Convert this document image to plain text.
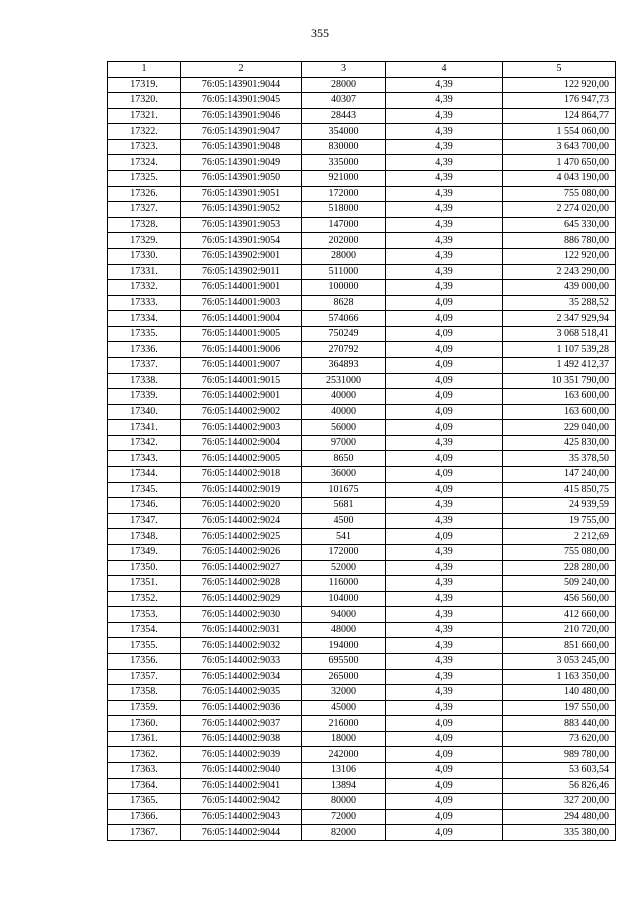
355
1	2	3	4	5
17319.	76:05:143901:9044	28000	4,39	122 920,00
17320.	76:05:143901:9045	40307	4,39	176 947,73
17321.	76:05:143901:9046	28443	4,39	124 864,77
17322.	76:05:143901:9047	354000	4,39	1 554 060,00
17323.	76:05:143901:9048	830000	4,39	3 643 700,00
17324.	76:05:143901:9049	335000	4,39	1 470 650,00
17325.	76:05:143901:9050	921000	4,39	4 043 190,00
17326.	76:05:143901:9051	172000	4,39	755 080,00
17327.	76:05:143901:9052	518000	4,39	2 274 020,00
17328.	76:05:143901:9053	147000	4,39	645 330,00
17329.	76:05:143901:9054	202000	4,39	886 780,00
17330.	76:05:143902:9001	28000	4,39	122 920,00
17331.	76:05:143902:9011	511000	4,39	2 243 290,00
17332.	76:05:144001:9001	100000	4,39	439 000,00
17333.	76:05:144001:9003	8628	4,09	35 288,52
17334.	76:05:144001:9004	574066	4,09	2 347 929,94
17335.	76:05:144001:9005	750249	4,09	3 068 518,41
17336.	76:05:144001:9006	270792	4,09	1 107 539,28
17337.	76:05:144001:9007	364893	4,09	1 492 412,37
17338.	76:05:144001:9015	2531000	4,09	10 351 790,00
17339.	76:05:144002:9001	40000	4,09	163 600,00
17340.	76:05:144002:9002	40000	4,09	163 600,00
17341.	76:05:144002:9003	56000	4,09	229 040,00
17342.	76:05:144002:9004	97000	4,39	425 830,00
17343.	76:05:144002:9005	8650	4,09	35 378,50
17344.	76:05:144002:9018	36000	4,09	147 240,00
17345.	76:05:144002:9019	101675	4,09	415 850,75
17346.	76:05:144002:9020	5681	4,39	24 939,59
17347.	76:05:144002:9024	4500	4,39	19 755,00
17348.	76:05:144002:9025	541	4,09	2 212,69
17349.	76:05:144002:9026	172000	4,39	755 080,00
17350.	76:05:144002:9027	52000	4,39	228 280,00
17351.	76:05:144002:9028	116000	4,39	509 240,00
17352.	76:05:144002:9029	104000	4,39	456 560,00
17353.	76:05:144002:9030	94000	4,39	412 660,00
17354.	76:05:144002:9031	48000	4,39	210 720,00
17355.	76:05:144002:9032	194000	4,39	851 660,00
17356.	76:05:144002:9033	695500	4,39	3 053 245,00
17357.	76:05:144002:9034	265000	4,39	1 163 350,00
17358.	76:05:144002:9035	32000	4,39	140 480,00
17359.	76:05:144002:9036	45000	4,39	197 550,00
17360.	76:05:144002:9037	216000	4,09	883 440,00
17361.	76:05:144002:9038	18000	4,09	73 620,00
17362.	76:05:144002:9039	242000	4,09	989 780,00
17363.	76:05:144002:9040	13106	4,09	53 603,54
17364.	76:05:144002:9041	13894	4,09	56 826,46
17365.	76:05:144002:9042	80000	4,09	327 200,00
17366.	76:05:144002:9043	72000	4,09	294 480,00
17367.	76:05:144002:9044	82000	4,09	335 380,00
